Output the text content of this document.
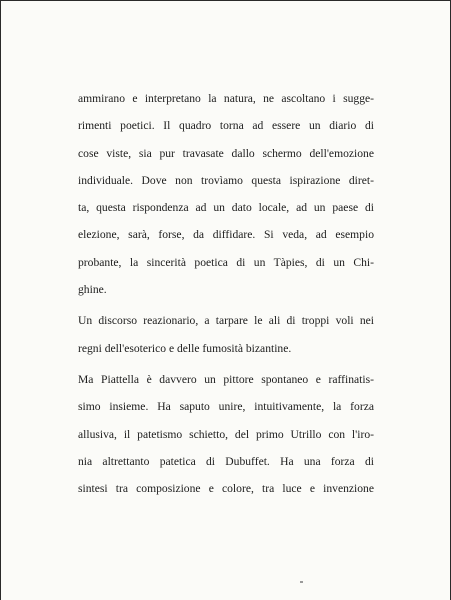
ammirano e interpretano la natura, ne ascoltano i sugge-
rimenti poetici. Il quadro torna ad essere un diario di
cose viste, sia pur travasate dallo schermo dell'emozione
individuale. Dove non trovìamo questa ispirazione diret-
ta, questa rispondenza ad un dato locale, ad un paese di
elezione, sarà, forse, da diffidare. Si veda, ad esempio
probante, la sincerità poetica di un Tàpies, di un Chi-
ghine.
Un discorso reazionario, a tarpare le ali di troppi voli nei
regni dell'esoterico e delle fumosità bizantine.
Ma Piattella è davvero un pittore spontaneo e raffinatis-
simo insieme. Ha saputo unire, intuitivamente, la forza
allusiva, il patetismo schietto, del primo Utrillo con l'iro-
nia altrettanto patetica di Dubuffet. Ha una forza di
sintesi tra composizione e colore, tra luce e invenzione
